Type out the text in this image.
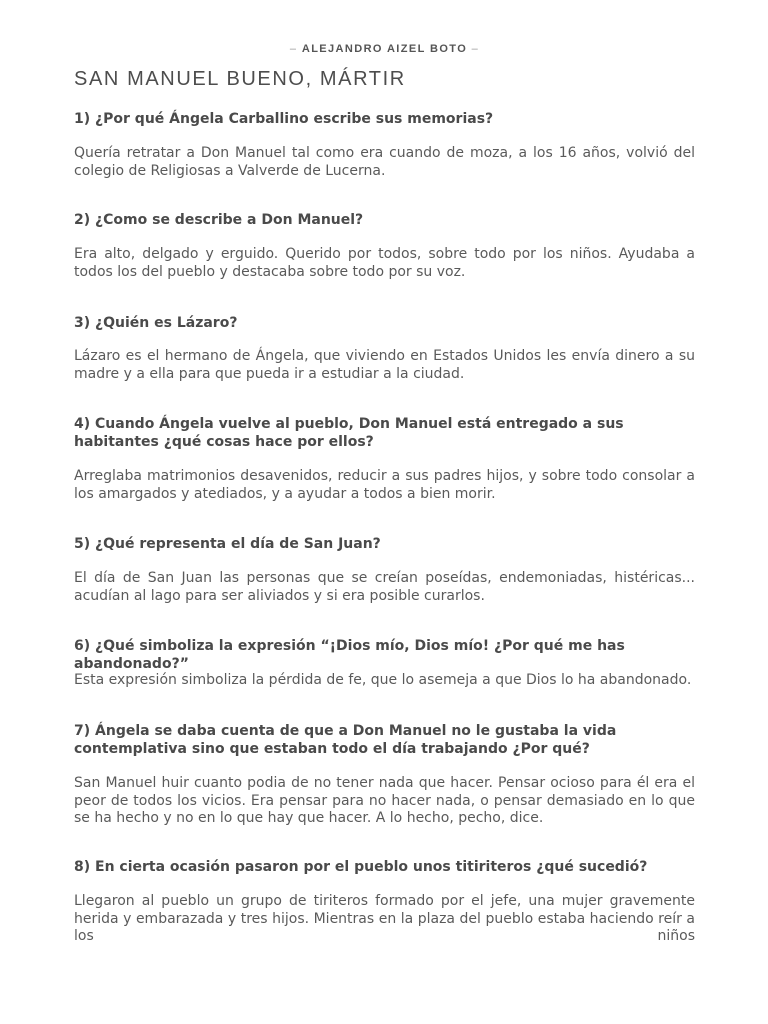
– ALEJANDRO AIZEL BOTO –
SAN MANUEL BUENO, MÁRTIR
1) ¿Por qué Ángela Carballino escribe sus memorias?
Quería retratar a Don Manuel tal como era cuando de moza, a los 16 años, volvió del colegio de Religiosas a Valverde de Lucerna.
2) ¿Como se describe a Don Manuel?
Era alto, delgado y erguido. Querido por todos, sobre todo por los niños. Ayudaba a todos los del pueblo y destacaba sobre todo por su voz.
3) ¿Quién es Lázaro?
Lázaro es el hermano de Ángela, que viviendo en Estados Unidos les envía dinero a su madre y a ella para que pueda ir a estudiar a la ciudad.
4) Cuando Ángela vuelve al pueblo, Don Manuel está entregado a sus habitantes ¿qué cosas hace por ellos?
Arreglaba matrimonios desavenidos, reducir a sus padres hijos, y sobre todo consolar a los amargados y atediados, y a ayudar a todos a bien morir.
5) ¿Qué representa el día de San Juan?
El día de San Juan las personas que se creían poseídas, endemoniadas, histéricas... acudían al lago para ser aliviados y si era posible curarlos.
6) ¿Qué simboliza la expresión “¡Dios mío, Dios mío! ¿Por qué me has abandonado?”
Esta expresión simboliza la pérdida de fe, que lo asemeja a que Dios lo ha abandonado.
7) Ángela se daba cuenta de que a Don Manuel no le gustaba la vida contemplativa sino que estaban todo el día trabajando ¿Por qué?
San Manuel huir cuanto podia de no tener nada que hacer. Pensar ocioso para él era el peor de todos los vicios. Era pensar para no hacer nada, o pensar demasiado en lo que se ha hecho y no en lo que hay que hacer. A lo hecho, pecho, dice.
8) En cierta ocasión pasaron por el pueblo unos titiriteros ¿qué sucedió?
Llegaron al pueblo un grupo de tiriteros formado por el jefe, una mujer gravemente herida y embarazada y tres hijos. Mientras en la plaza del pueblo estaba haciendo reír a los niños
